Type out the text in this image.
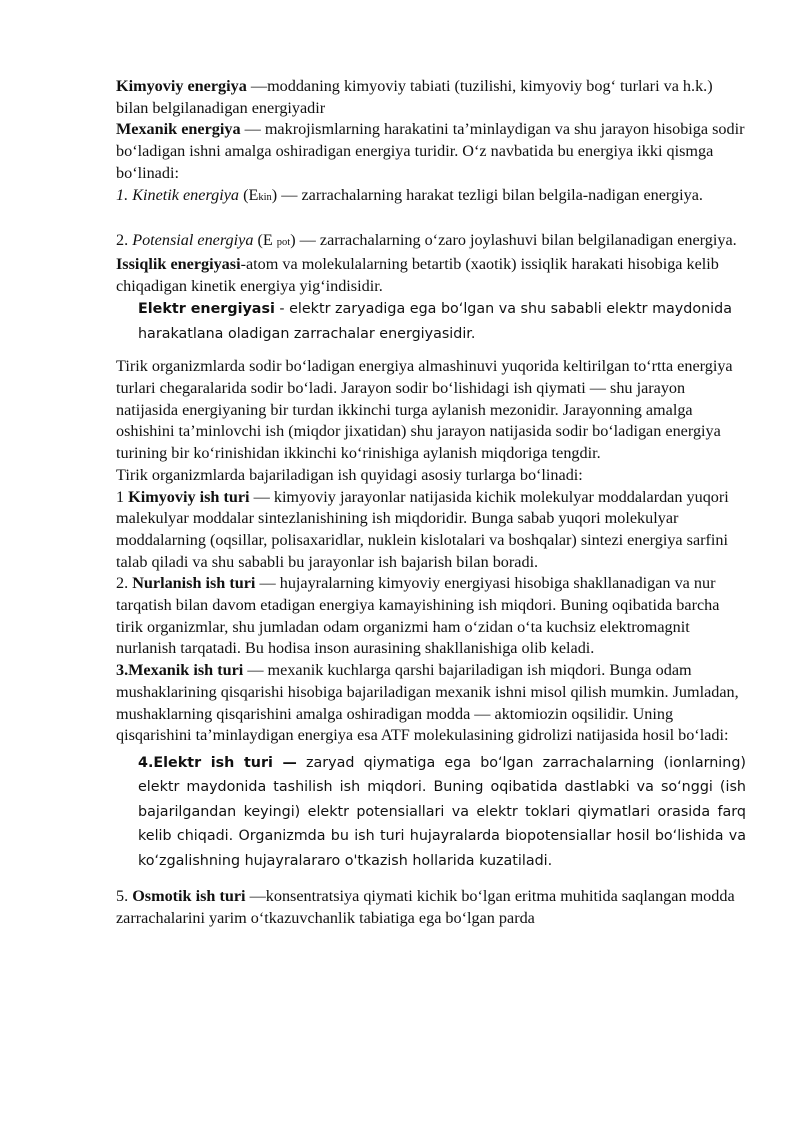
Kimyoviy energiya —moddaning kimyoviy tabiati (tuzilishi, kimyoviy bog‘ turlari va h.k.) bilan belgilanadigan energiyadir

Mexanik energiya — makrojismlarning harakatini ta’minlaydigan va shu jarayon hisobiga sodir bo‘ladigan ishni amalga oshiradigan energiya turidir. O‘z navbatida bu energiya ikki qismga bo‘linadi:

1. Kinetik energiya (Ekin) — zarrachalarning harakat tezligi bilan belgila-nadigan energiya.

2. Potensial energiya (E pot) — zarrachalarning o‘zaro joylashuvi bilan belgilanadigan energiya.

Issiqlik energiyasi-atom va molekulalarning betartib (xaotik) issiqlik harakati hisobiga kelib chiqadigan kinetik energiya yig‘indisidir.

Elektr energiyasi - elektr zaryadiga ega bo‘lgan va shu sababli elektr maydonida harakatlana oladigan zarrachalar energiyasidir.

Tirik organizmlarda sodir bo‘ladigan energiya almashinuvi yuqorida keltirilgan to‘rtta energiya turlari chegaralarida sodir bo‘ladi. Jarayon sodir bo‘lishidagi ish qiymati — shu jarayon natijasida energiyaning bir turdan ikkinchi turga aylanish mezonidir. Jarayonning amalga oshishini ta’minlovchi ish (miqdor jixatidan) shu jarayon natijasida sodir bo‘ladigan energiya turining bir ko‘rinishidan ikkinchi ko‘rinishiga aylanish miqdoriga tengdir.

Tirik organizmlarda bajariladigan ish quyidagi asosiy turlarga bo‘linadi:

1 Kimyoviy ish turi — kimyoviy jarayonlar natijasida kichik molekulyar moddalardan yuqori malekulyar moddalar sintezlanishining ish miqdoridir. Bunga sabab yuqori molekulyar moddalarning (oqsillar, polisaxaridlar, nuklein kislotalari va boshqalar) sintezi energiya sarfini talab qiladi va shu sababli bu jarayonlar ish bajarish bilan boradi.

2. Nurlanish ish turi — hujayralarning kimyoviy energiyasi hisobiga shakllanadigan va nur tarqatish bilan davom etadigan energiya kamayishining ish miqdori. Buning oqibatida barcha tirik organizmlar, shu jumladan odam organizmi ham o‘zidan o‘ta kuchsiz elektromagnit nurlanish tarqatadi. Bu hodisa inson aurasining shakllanishiga olib keladi.

3.Mexanik ish turi — mexanik kuchlarga qarshi bajariladigan ish miqdori. Bunga odam mushaklarining qisqarishi hisobiga bajariladigan mexanik ishni misol qilish mumkin. Jumladan, mushaklarning qisqarishini amalga oshiradigan modda — aktomiozin oqsilidir. Uning qisqarishini ta’minlaydigan energiya esa ATF molekulasining gidrolizi natijasida hosil bo‘ladi:

4.Elektr ish turi — zaryad qiymatiga ega bo‘lgan zarrachalarning (ionlarning) elektr maydonida tashilish ish miqdori. Buning oqibatida dastlabki va so‘nggi (ish bajarilgandan keyingi) elektr potensiallari va elektr toklari qiymatlari orasida farq kelib chiqadi. Organizmda bu ish turi hujayralarda biopotensiallar hosil bo‘lishida va ko‘zgalishning hujayralararo o'tkazish hollarida kuzatiladi.

5. Osmotik ish turi —konsentratsiya qiymati kichik bo‘lgan eritma muhitida saqlangan modda zarrachalarini yarim o‘tkazuvchanlik tabiatiga ega bo‘lgan parda
